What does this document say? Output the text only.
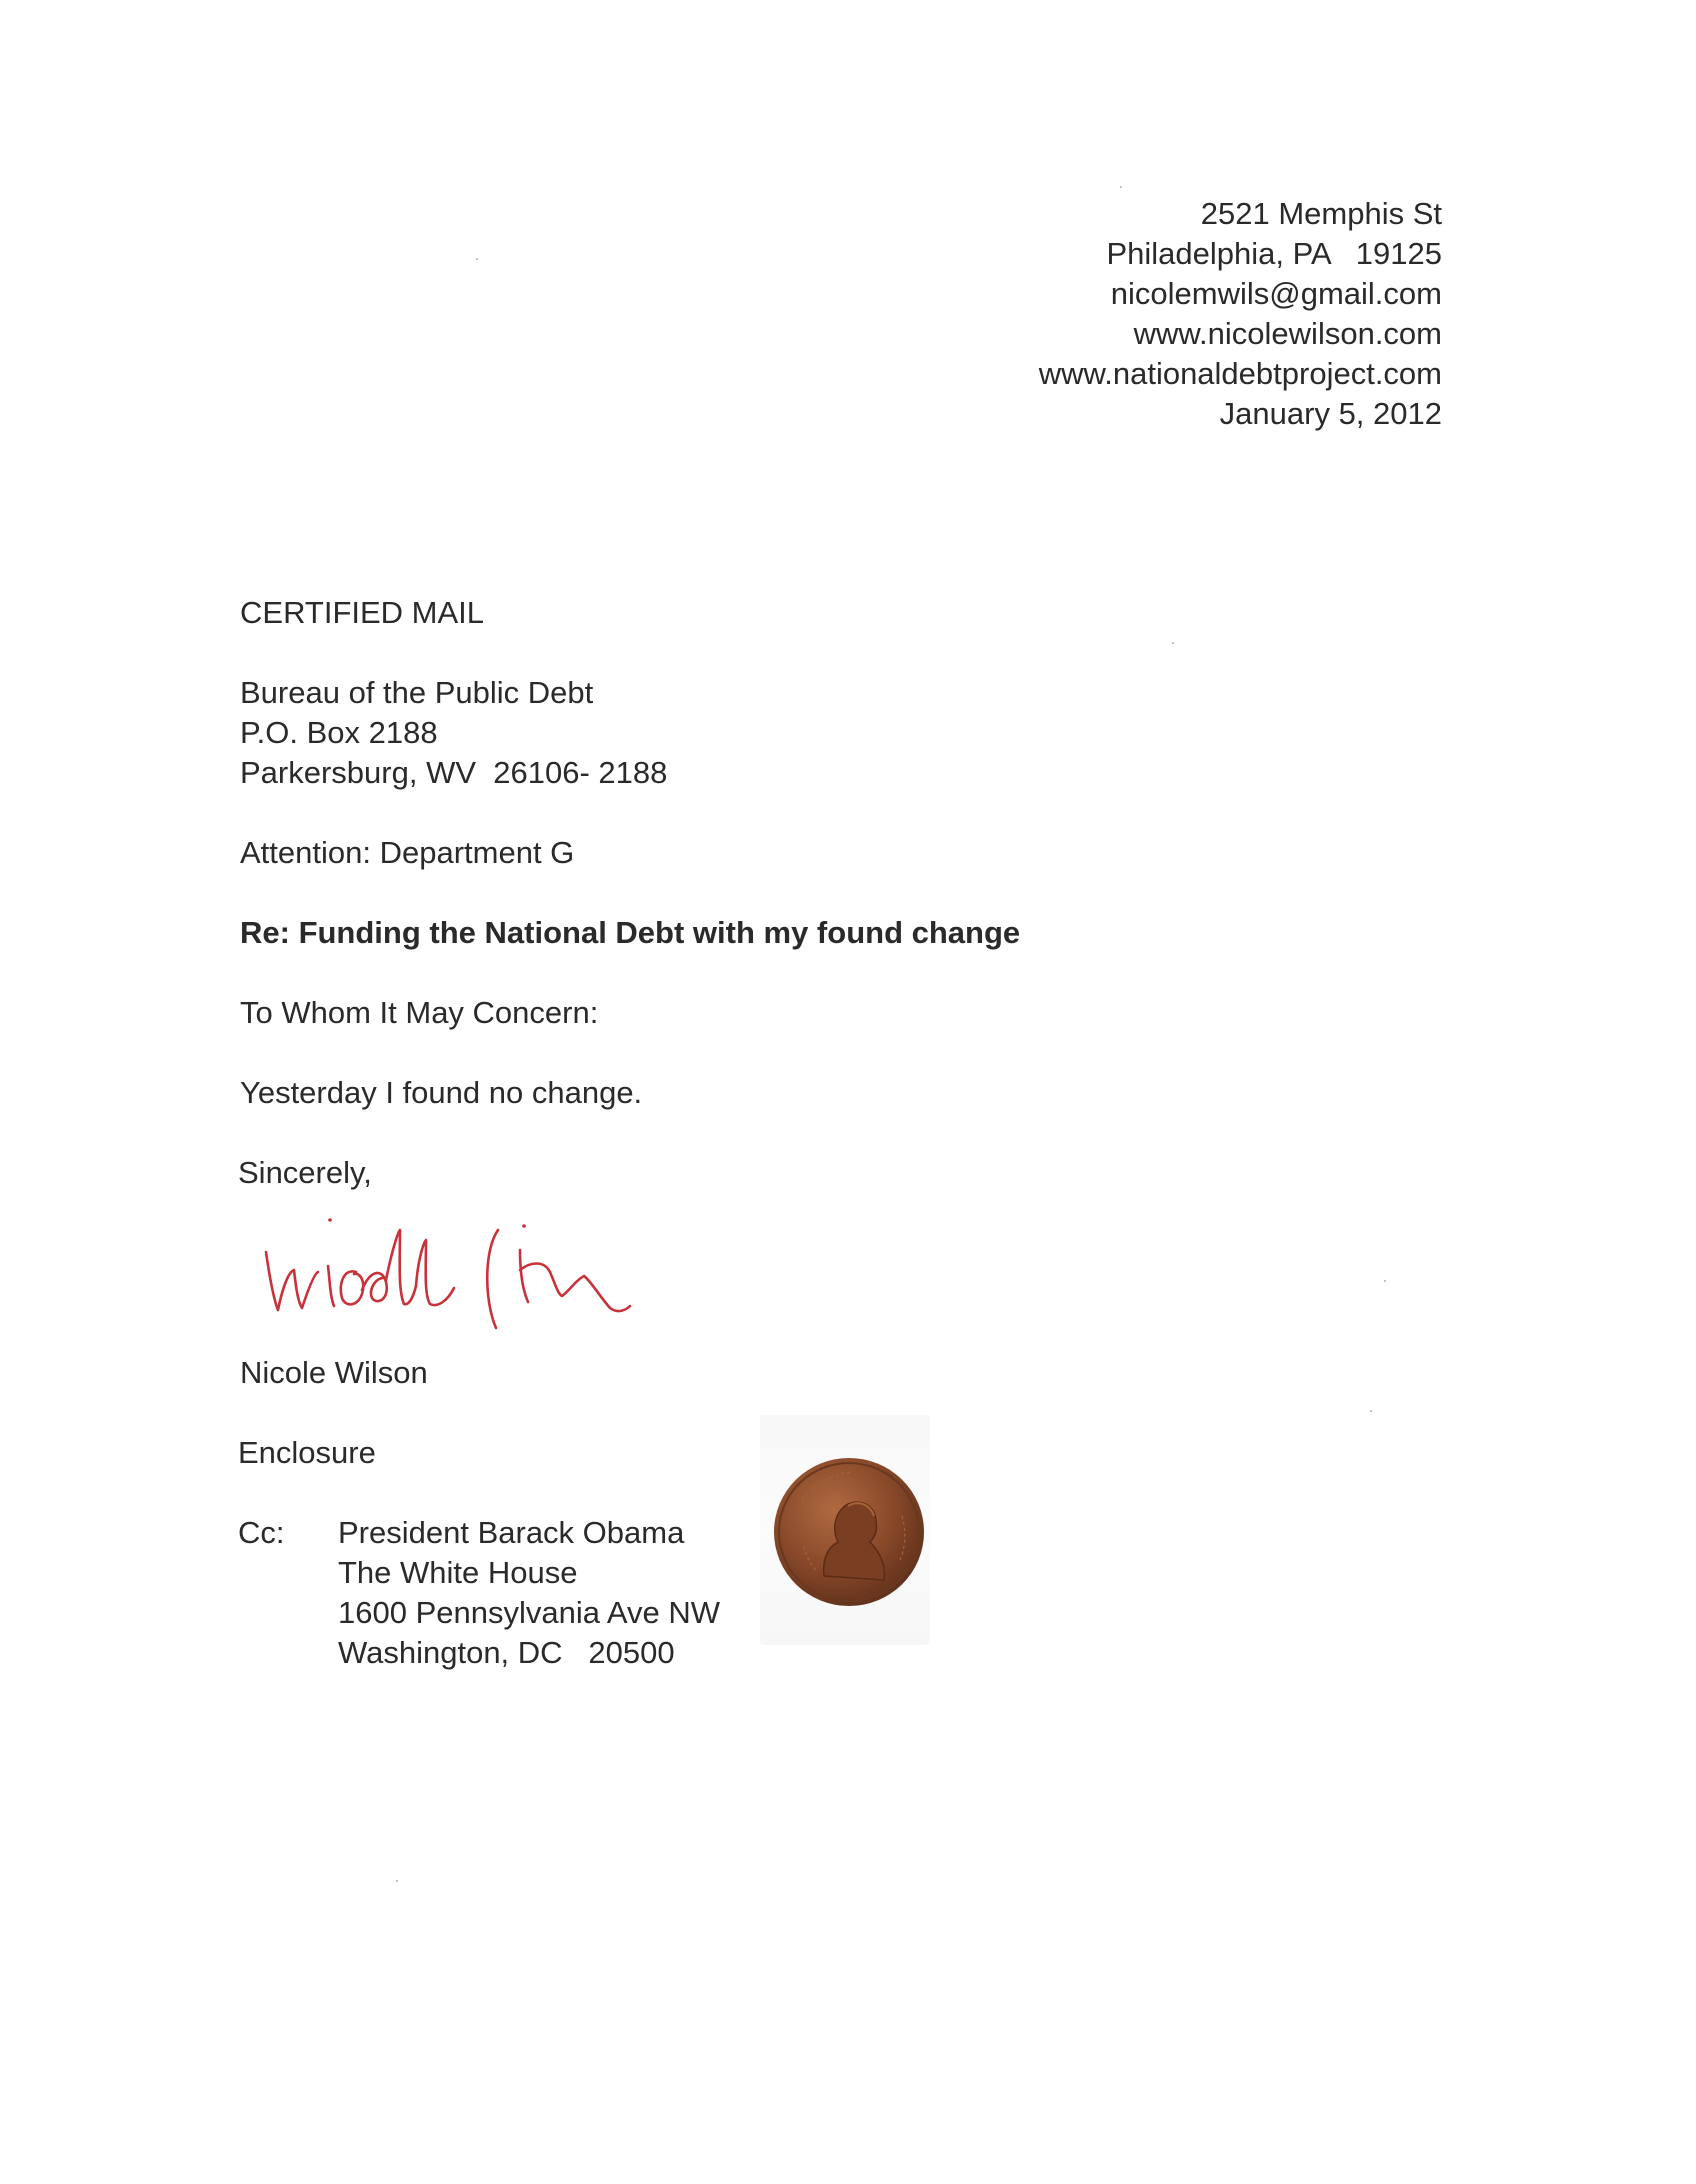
2521 Memphis St
Philadelphia, PA   19125
nicolemwils@gmail.com
www.nicolewilson.com
www.nationaldebtproject.com
January 5, 2012
CERTIFIED MAIL
Bureau of the Public Debt
P.O. Box 2188
Parkersburg, WV  26106- 2188
Attention: Department G
Re: Funding the National Debt with my found change
To Whom It May Concern:
Yesterday I found no change.
Sincerely,
Nicole Wilson
Enclosure
Cc: President Barack Obama
The White House
1600 Pennsylvania Ave NW
Washington, DC   20500
